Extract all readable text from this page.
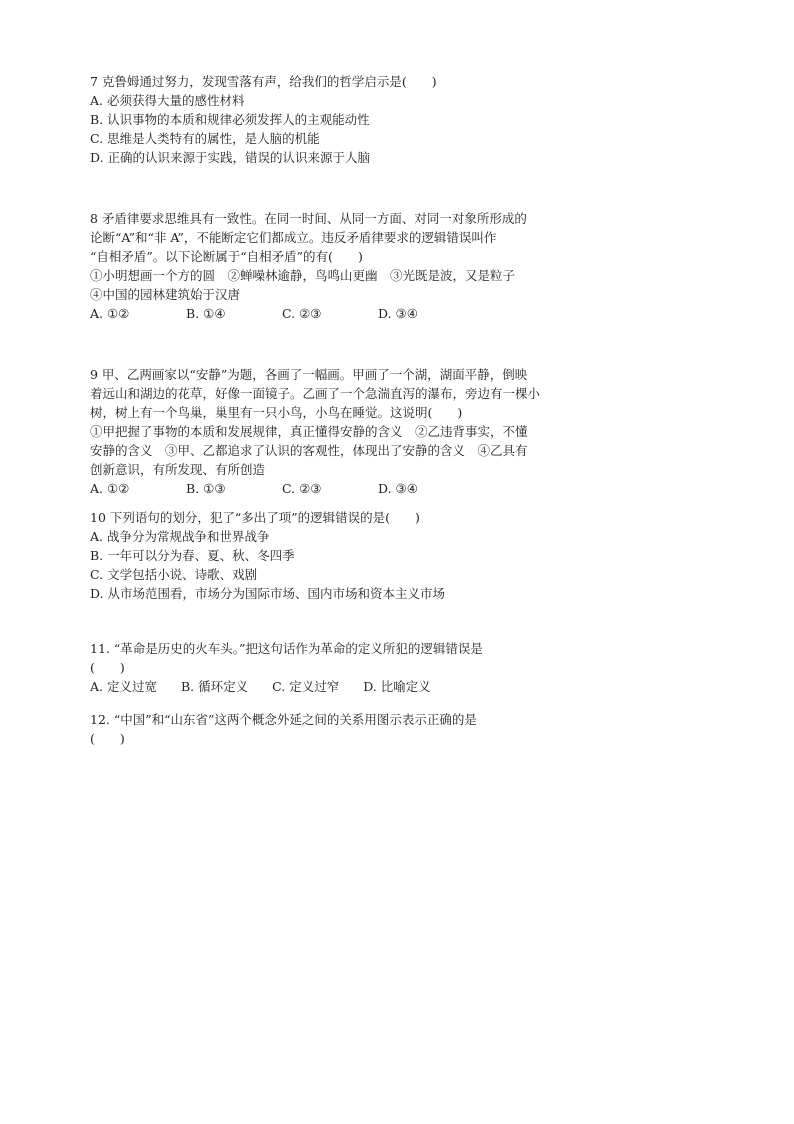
7 克鲁姆通过努力，发现雪落有声，给我们的哲学启示是(　　)
A. 必须获得大量的感性材料
B. 认识事物的本质和规律必须发挥人的主观能动性
C. 思维是人类特有的属性，是人脑的机能
D. 正确的认识来源于实践，错误的认识来源于人脑
8 矛盾律要求思维具有一致性。在同一时间、从同一方面、对同一对象所形成的
论断“A”和“非 A”，不能断定它们都成立。违反矛盾律要求的逻辑错误叫作
“自相矛盾”。以下论断属于“自相矛盾”的有(　　)
①小明想画一个方的圆　②蝉噪林逾静，鸟鸣山更幽　③光既是波，又是粒子
④中国的园林建筑始于汉唐
A. ①②	B. ①④	C. ②③	D. ③④
9 甲、乙两画家以“安静”为题，各画了一幅画。甲画了一个湖，湖面平静，倒映
着远山和湖边的花草，好像一面镜子。乙画了一个急湍直泻的瀑布，旁边有一棵小
树，树上有一个鸟巢，巢里有一只小鸟，小鸟在睡觉。这说明(　　)
①甲把握了事物的本质和发展规律，真正懂得安静的含义　②乙违背事实，不懂
安静的含义　③甲、乙都追求了认识的客观性，体现出了安静的含义　④乙具有
创新意识，有所发现、有所创造
A. ①②	B. ①③	C. ②③	D. ③④
10 下列语句的划分，犯了“多出了项”的逻辑错误的是(　　)
A. 战争分为常规战争和世界战争
B. 一年可以分为春、夏、秋、冬四季
C. 文学包括小说、诗歌、戏剧
D. 从市场范围看，市场分为国际市场、国内市场和资本主义市场
11. “革命是历史的火车头。”把这句话作为革命的定义所犯的逻辑错误是
(　　)
A. 定义过宽 B. 循环定义 C. 定义过窄 D. 比喻定义
12. “中国”和“山东省”这两个概念外延之间的关系用图示表示正确的是
(　　)
